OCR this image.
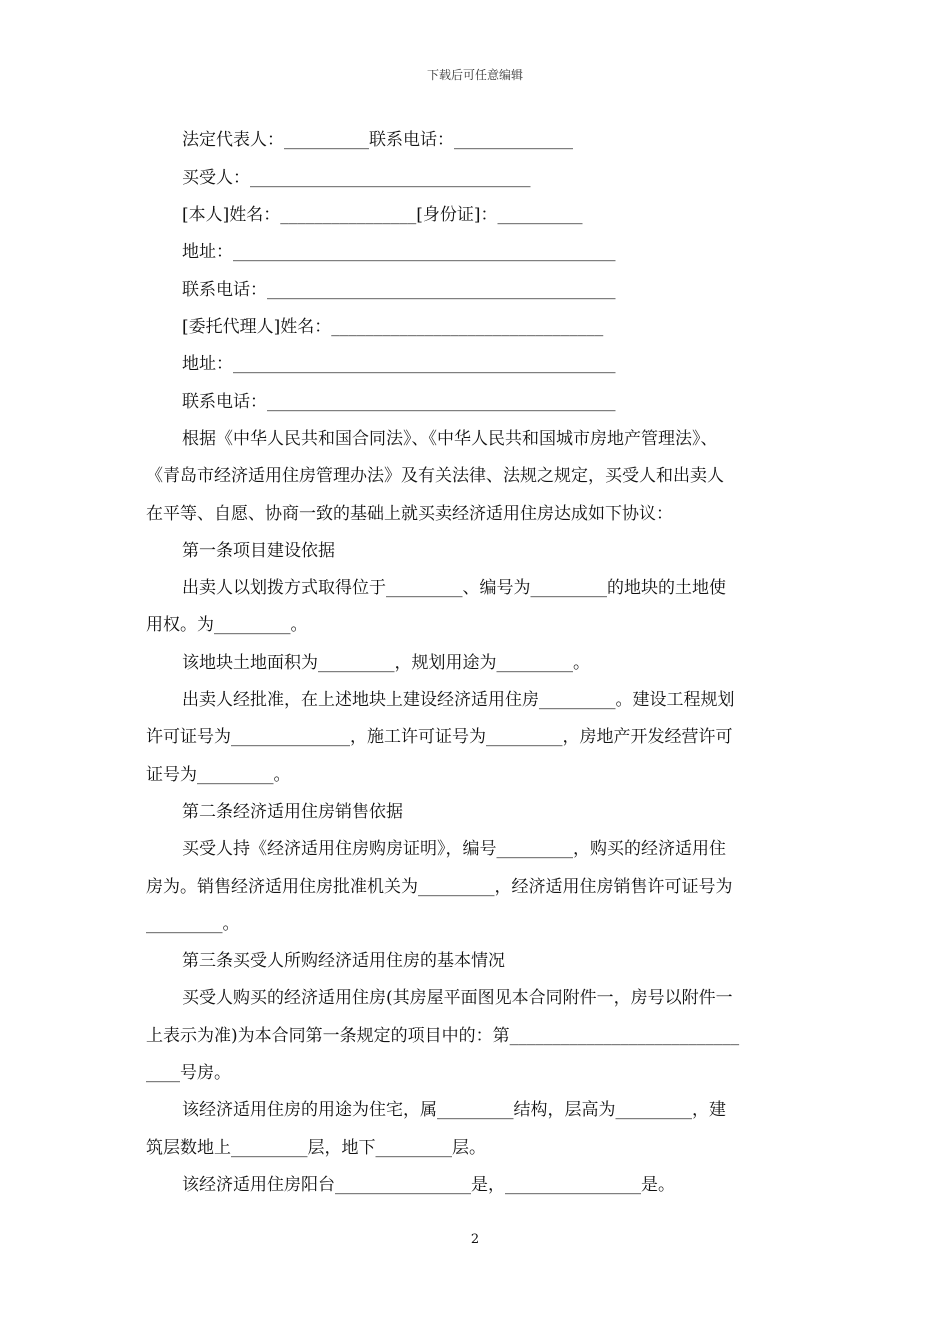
下载后可任意编辑
法定代表人：__________联系电话：______________
买受人：_________________________________
[本人]姓名：________________[身份证]：__________
地址：_____________________________________________
联系电话：_________________________________________
[委托代理人]姓名：________________________________
地址：_____________________________________________
联系电话：_________________________________________
根据《中华人民共和国合同法》、《中华人民共和国城市房地产管理法》、
《青岛市经济适用住房管理办法》及有关法律、法规之规定，买受人和出卖人
在平等、自愿、协商一致的基础上就买卖经济适用住房达成如下协议：
第一条项目建设依据
出卖人以划拨方式取得位于_________、编号为_________的地块的土地使
用权。为_________。
该地块土地面积为_________，规划用途为_________。
出卖人经批准，在上述地块上建设经济适用住房_________。建设工程规划
许可证号为______________，施工许可证号为_________，房地产开发经营许可
证号为_________。
第二条经济适用住房销售依据
买受人持《经济适用住房购房证明》，编号_________，购买的经济适用住
房为。销售经济适用住房批准机关为_________，经济适用住房销售许可证号为
_________。
第三条买受人所购经济适用住房的基本情况
买受人购买的经济适用住房(其房屋平面图见本合同附件一，房号以附件一
上表示为准)为本合同第一条规定的项目中的：第___________________________
____号房。
该经济适用住房的用途为住宅，属_________结构，层高为_________，建
筑层数地上_________层，地下_________层。
该经济适用住房阳台________________是，________________是。
2
